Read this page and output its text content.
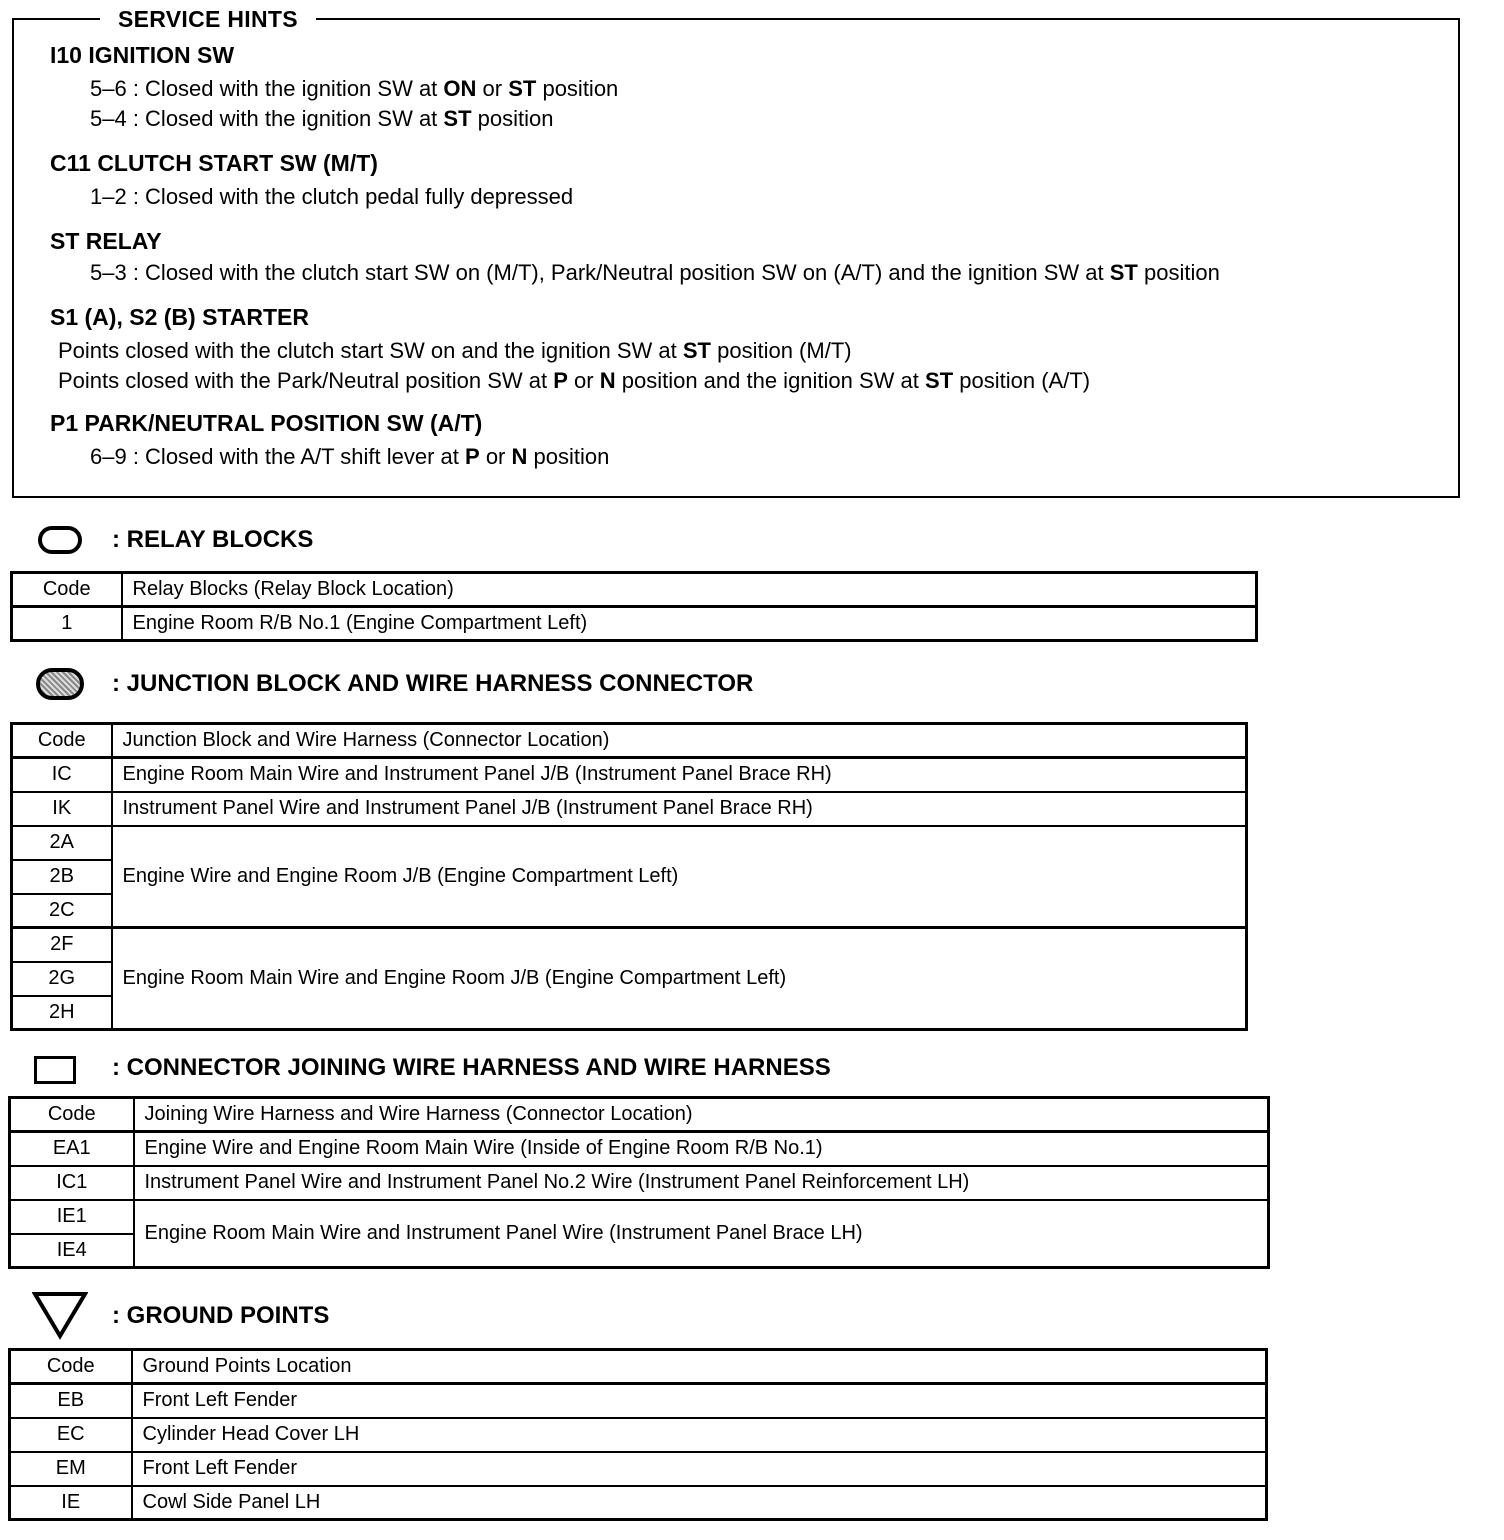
SERVICE HINTS
I10 IGNITION SW
5–6 : Closed with the ignition SW at ON or ST position
5–4 : Closed with the ignition SW at ST position
C11 CLUTCH START SW (M/T)
1–2 : Closed with the clutch pedal fully depressed
ST RELAY
5–3 : Closed with the clutch start SW on (M/T), Park/Neutral position SW on (A/T) and the ignition SW at ST position
S1 (A), S2 (B) STARTER
Points closed with the clutch start SW on and the ignition SW at ST position (M/T)
Points closed with the Park/Neutral position SW at P or N position and the ignition SW at ST position (A/T)
P1 PARK/NEUTRAL POSITION SW (A/T)
6–9 : Closed with the A/T shift lever at P or N position
: RELAY BLOCKS
Code	Relay Blocks (Relay Block Location)
1	Engine Room R/B No.1 (Engine Compartment Left)
: JUNCTION BLOCK AND WIRE HARNESS CONNECTOR
Code	Junction Block and Wire Harness (Connector Location)
IC	Engine Room Main Wire and Instrument Panel J/B (Instrument Panel Brace RH)
IK	Instrument Panel Wire and Instrument Panel J/B (Instrument Panel Brace RH)
2A	Engine Wire and Engine Room J/B (Engine Compartment Left)
2B	
2C	
2F	Engine Room Main Wire and Engine Room J/B (Engine Compartment Left)
2G	
2H	
: CONNECTOR JOINING WIRE HARNESS AND WIRE HARNESS
Code	Joining Wire Harness and Wire Harness (Connector Location)
EA1	Engine Wire and Engine Room Main Wire (Inside of Engine Room R/B No.1)
IC1	Instrument Panel Wire and Instrument Panel No.2 Wire (Instrument Panel Reinforcement LH)
IE1	Engine Room Main Wire and Instrument Panel Wire (Instrument Panel Brace LH)
IE4	
: GROUND POINTS
Code	Ground Points Location
EB	Front Left Fender
EC	Cylinder Head Cover LH
EM	Front Left Fender
IE	Cowl Side Panel LH
